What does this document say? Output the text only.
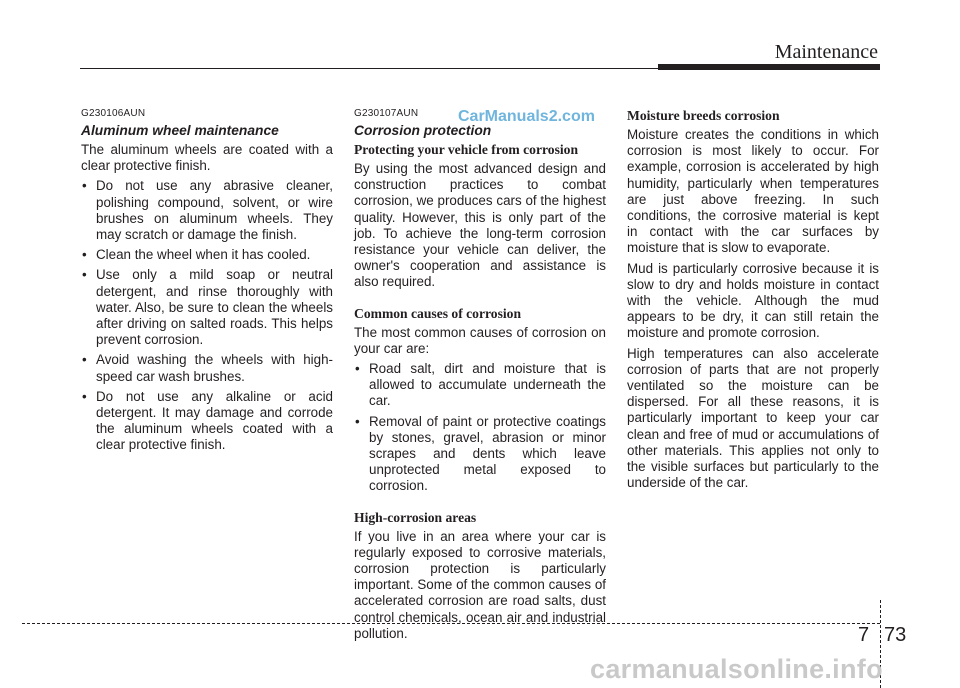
Maintenance
CarManuals2.com

G230106AUN

Aluminum wheel maintenance

The aluminum wheels are coated with a clear protective finish.

• Do not use any abrasive cleaner, polishing compound, solvent, or wire brushes on aluminum wheels. They may scratch or damage the finish.
• Clean the wheel when it has cooled.
• Use only a mild soap or neutral detergent, and rinse thoroughly with water. Also, be sure to clean the wheels after driving on salted roads. This helps prevent corrosion.
• Avoid washing the wheels with high-speed car wash brushes.
• Do not use any alkaline or acid detergent. It may damage and corrode the aluminum wheels coated with a clear protective finish.

G230107AUN

Corrosion protection

Protecting your vehicle from corrosion

By using the most advanced design and construction practices to combat corrosion, we produces cars of the highest quality. However, this is only part of the job. To achieve the long-term corrosion resistance your vehicle can deliver, the owner's cooperation and assistance is also required.

Common causes of corrosion

The most common causes of corrosion on your car are:

• Road salt, dirt and moisture that is allowed to accumulate underneath the car.
• Removal of paint or protective coatings by stones, gravel, abrasion or minor scrapes and dents which leave unprotected metal exposed to corrosion.

High-corrosion areas

If you live in an area where your car is regularly exposed to corrosive materials, corrosion protection is particularly important. Some of the common causes of accelerated corrosion are road salts, dust control chemicals, ocean air and industrial pollution.

Moisture breeds corrosion

Moisture creates the conditions in which corrosion is most likely to occur. For example, corrosion is accelerated by high humidity, particularly when temperatures are just above freezing. In such conditions, the corrosive material is kept in contact with the car surfaces by moisture that is slow to evaporate.

Mud is particularly corrosive because it is slow to dry and holds moisture in contact with the vehicle. Although the mud appears to be dry, it can still retain the moisture and promote corrosion.

High temperatures can also accelerate corrosion of parts that are not properly ventilated so the moisture can be dispersed. For all these reasons, it is particularly important to keep your car clean and free of mud or accumulations of other materials. This applies not only to the visible surfaces but particularly to the underside of the car.

7 73
carmanualsonline.info
